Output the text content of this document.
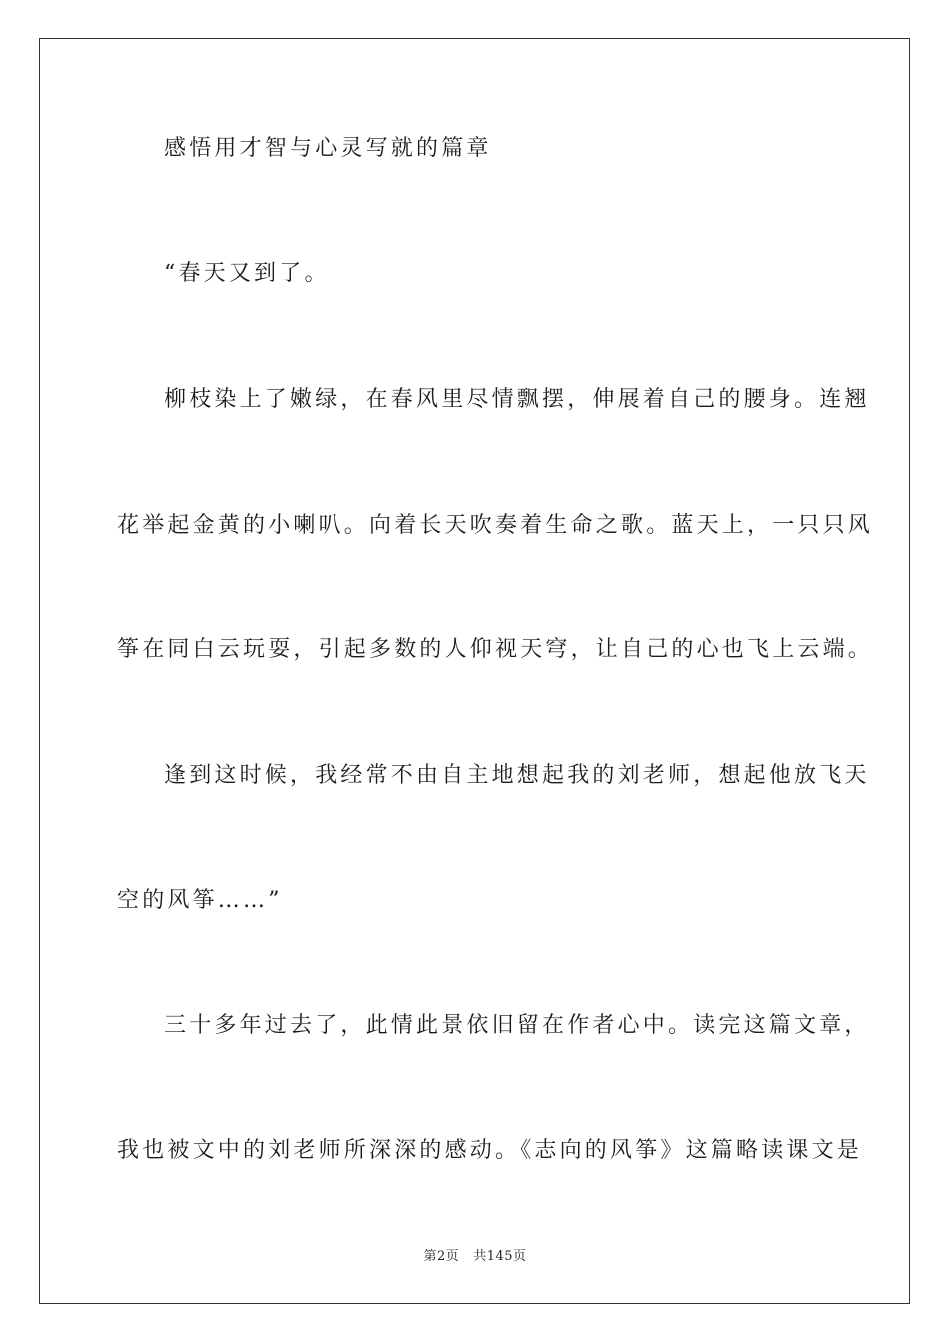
感悟用才智与心灵写就的篇章
“春天又到了。
柳枝染上了嫩绿，在春风里尽情飘摆，伸展着自己的腰身。连翘
花举起金黄的小喇叭。向着长天吹奏着生命之歌。蓝天上，一只只风
筝在同白云玩耍，引起多数的人仰视天穹，让自己的心也飞上云端。
逢到这时候，我经常不由自主地想起我的刘老师，想起他放飞天
空的风筝……”
三十多年过去了，此情此景依旧留在作者心中。读完这篇文章，
我也被文中的刘老师所深深的感动。《志向的风筝》这篇略读课文是
第2页 共145页
